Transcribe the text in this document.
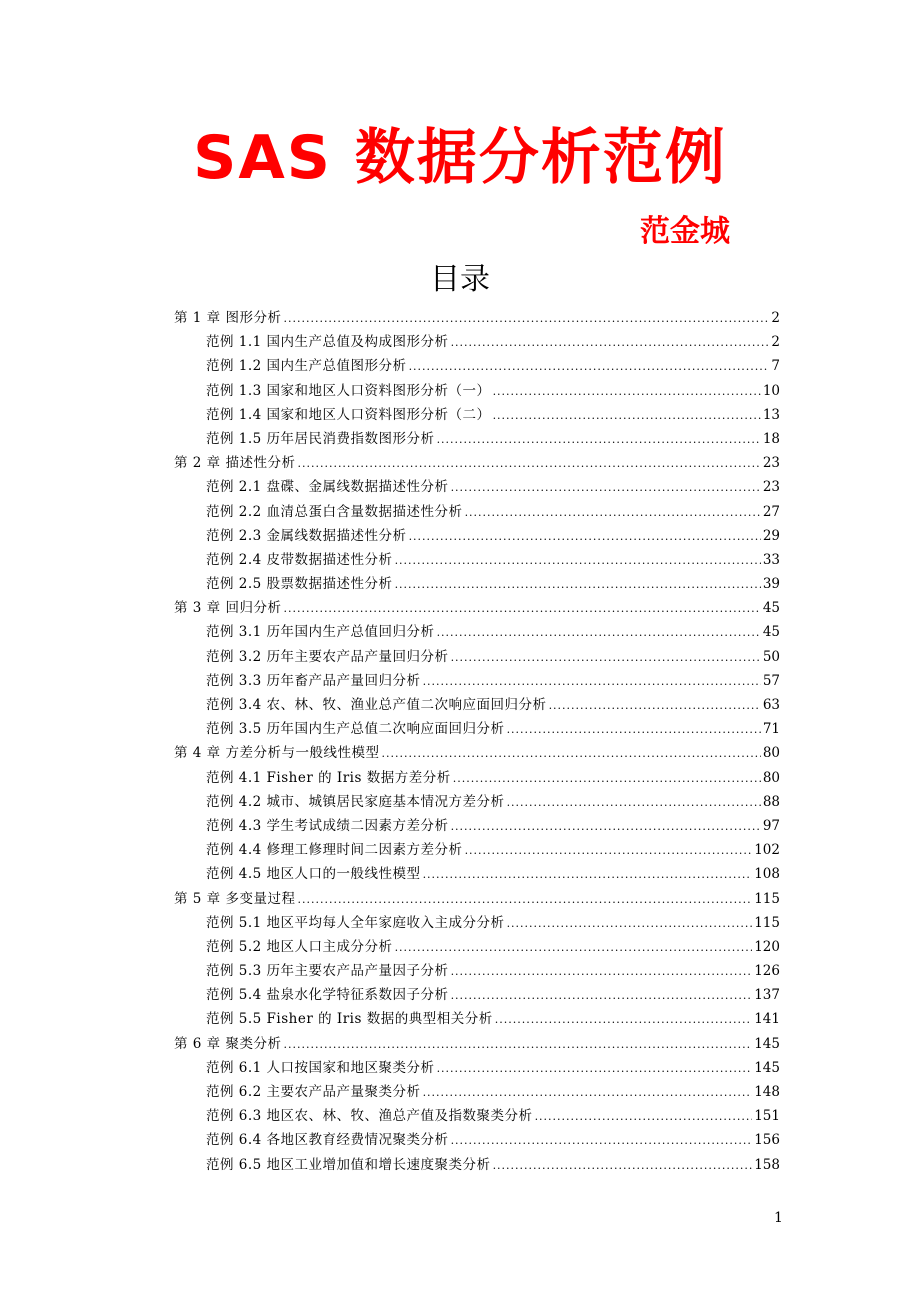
SAS 数据分析范例
范金城
目录
第 1 章 图形分析 .....	2
范例 1.1 国内生产总值及构成图形分析 .....	2
范例 1.2 国内生产总值图形分析 .....	7
范例 1.3 国家和地区人口资料图形分析（一） .....	10
范例 1.4 国家和地区人口资料图形分析（二） .....	13
范例 1.5 历年居民消费指数图形分析 .....	18
第 2 章 描述性分析 .....	23
范例 2.1 盘碟、金属线数据描述性分析 .....	23
范例 2.2 血清总蛋白含量数据描述性分析 .....	27
范例 2.3 金属线数据描述性分析 .....	29
范例 2.4 皮带数据描述性分析 .....	33
范例 2.5 股票数据描述性分析 .....	39
第 3 章 回归分析 .....	45
范例 3.1 历年国内生产总值回归分析 .....	45
范例 3.2 历年主要农产品产量回归分析 .....	50
范例 3.3 历年畜产品产量回归分析 .....	57
范例 3.4 农、林、牧、渔业总产值二次响应面回归分析 .....	63
范例 3.5 历年国内生产总值二次响应面回归分析 .....	71
第 4 章 方差分析与一般线性模型 .....	80
范例 4.1 Fisher 的 Iris 数据方差分析 .....	80
范例 4.2 城市、城镇居民家庭基本情况方差分析 .....	88
范例 4.3 学生考试成绩二因素方差分析 .....	97
范例 4.4 修理工修理时间二因素方差分析 .....	102
范例 4.5 地区人口的一般线性模型 .....	108
第 5 章 多变量过程 .....	115
范例 5.1 地区平均每人全年家庭收入主成分分析 .....	115
范例 5.2 地区人口主成分分析 .....	120
范例 5.3 历年主要农产品产量因子分析 .....	126
范例 5.4 盐泉水化学特征系数因子分析 .....	137
范例 5.5 Fisher 的 Iris 数据的典型相关分析 .....	141
第 6 章 聚类分析 .....	145
范例 6.1 人口按国家和地区聚类分析 .....	145
范例 6.2 主要农产品产量聚类分析 .....	148
范例 6.3 地区农、林、牧、渔总产值及指数聚类分析 .....	151
范例 6.4 各地区教育经费情况聚类分析 .....	156
范例 6.5 地区工业增加值和增长速度聚类分析 .....	158
1
